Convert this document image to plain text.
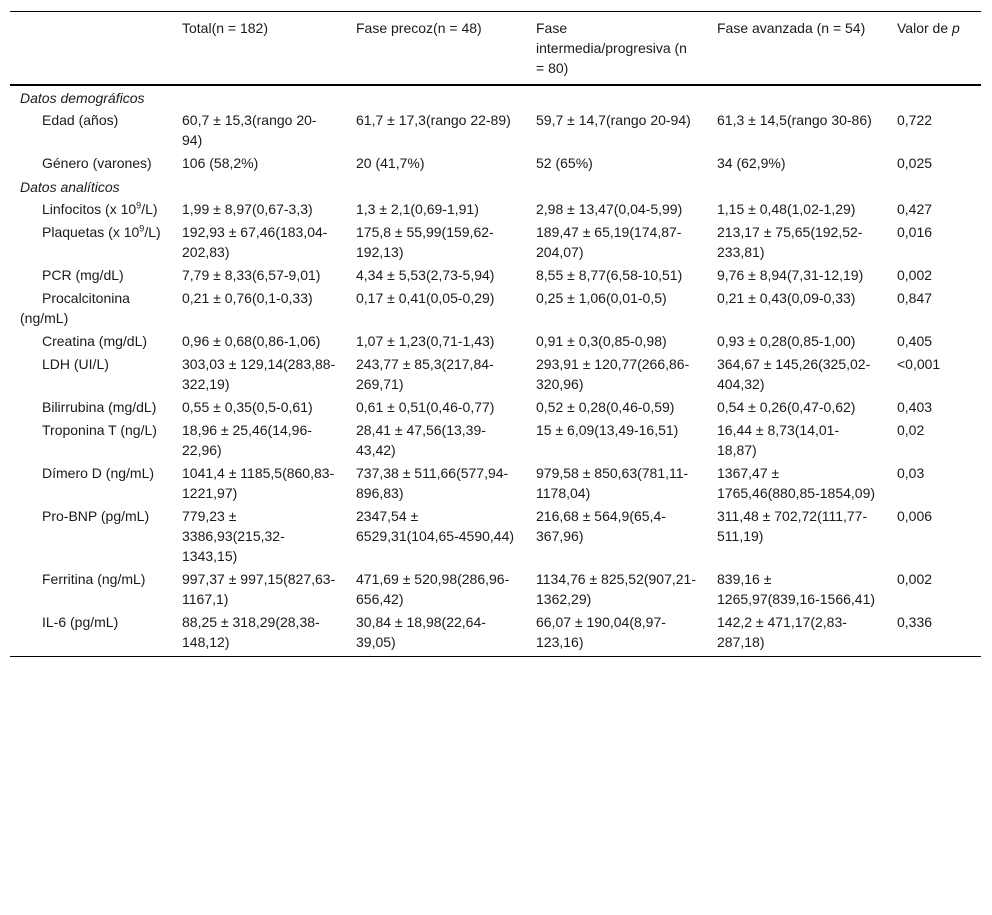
	Total(n = 182)	Fase precoz(n = 48)	Fase intermedia/progresiva (n = 80)	Fase avanzada (n = 54)	Valor de p
Datos demográficos					
Edad (años)	60,7 ± 15,3(rango 20-94)	61,7 ± 17,3(rango 22-89)	59,7 ± 14,7(rango 20-94)	61,3 ± 14,5(rango 30-86)	0,722
Género (varones)	106 (58,2%)	20 (41,7%)	52 (65%)	34 (62,9%)	0,025
Datos analíticos					
Linfocitos (x $10^9/L$)	1,99 ± 8,97(0,67-3,3)	1,3 ± 2,1(0,69-1,91)	2,98 ± 13,47(0,04-5,99)	1,15 ± 0,48(1,02-1,29)	0,427
Plaquetas (x $10^9/L$)	192,93 ± 67,46(183,04-202,83)	175,8 ± 55,99(159,62-192,13)	189,47 ± 65,19(174,87-204,07)	213,17 ± 75,65(192,52-233,81)	0,016
PCR (mg/dL)	7,79 ± 8,33(6,57-9,01)	4,34 ± 5,53(2,73-5,94)	8,55 ± 8,77(6,58-10,51)	9,76 ± 8,94(7,31-12,19)	0,002
Procalcitonina (ng/mL)	0,21 ± 0,76(0,1-0,33)	0,17 ± 0,41(0,05-0,29)	0,25 ± 1,06(0,01-0,5)	0,21 ± 0,43(0,09-0,33)	0,847
Creatina (mg/dL)	0,96 ± 0,68(0,86-1,06)	1,07 ± 1,23(0,71-1,43)	0,91 ± 0,3(0,85-0,98)	0,93 ± 0,28(0,85-1,00)	0,405
LDH (UI/L)	303,03 ± 129,14(283,88-322,19)	243,77 ± 85,3(217,84-269,71)	293,91 ± 120,77(266,86-320,96)	364,67 ± 145,26(325,02-404,32)	<0,001
Bilirrubina (mg/dL)	0,55 ± 0,35(0,5-0,61)	0,61 ± 0,51(0,46-0,77)	0,52 ± 0,28(0,46-0,59)	0,54 ± 0,26(0,47-0,62)	0,403
Troponina T (ng/L)	18,96 ± 25,46(14,96-22,96)	28,41 ± 47,56(13,39-43,42)	15 ± 6,09(13,49-16,51)	16,44 ± 8,73(14,01-18,87)	0,02
Dímero D (ng/mL)	1041,4 ± 1185,5(860,83-1221,97)	737,38 ± 511,66(577,94-896,83)	979,58 ± 850,63(781,11-1178,04)	1367,47 ± 1765,46(880,85-1854,09)	0,03
Pro-BNP (pg/mL)	779,23 ± 3386,93(215,32-1343,15)	2347,54 ± 6529,31(104,65-4590,44)	216,68 ± 564,9(65,4-367,96)	311,48 ± 702,72(111,77-511,19)	0,006
Ferritina (ng/mL)	997,37 ± 997,15(827,63-1167,1)	471,69 ± 520,98(286,96-656,42)	1134,76 ± 825,52(907,21-1362,29)	839,16 ± 1265,97(839,16-1566,41)	0,002
IL-6 (pg/mL)	88,25 ± 318,29(28,38-148,12)	30,84 ± 18,98(22,64-39,05)	66,07 ± 190,04(8,97-123,16)	142,2 ± 471,17(2,83-287,18)	0,336
